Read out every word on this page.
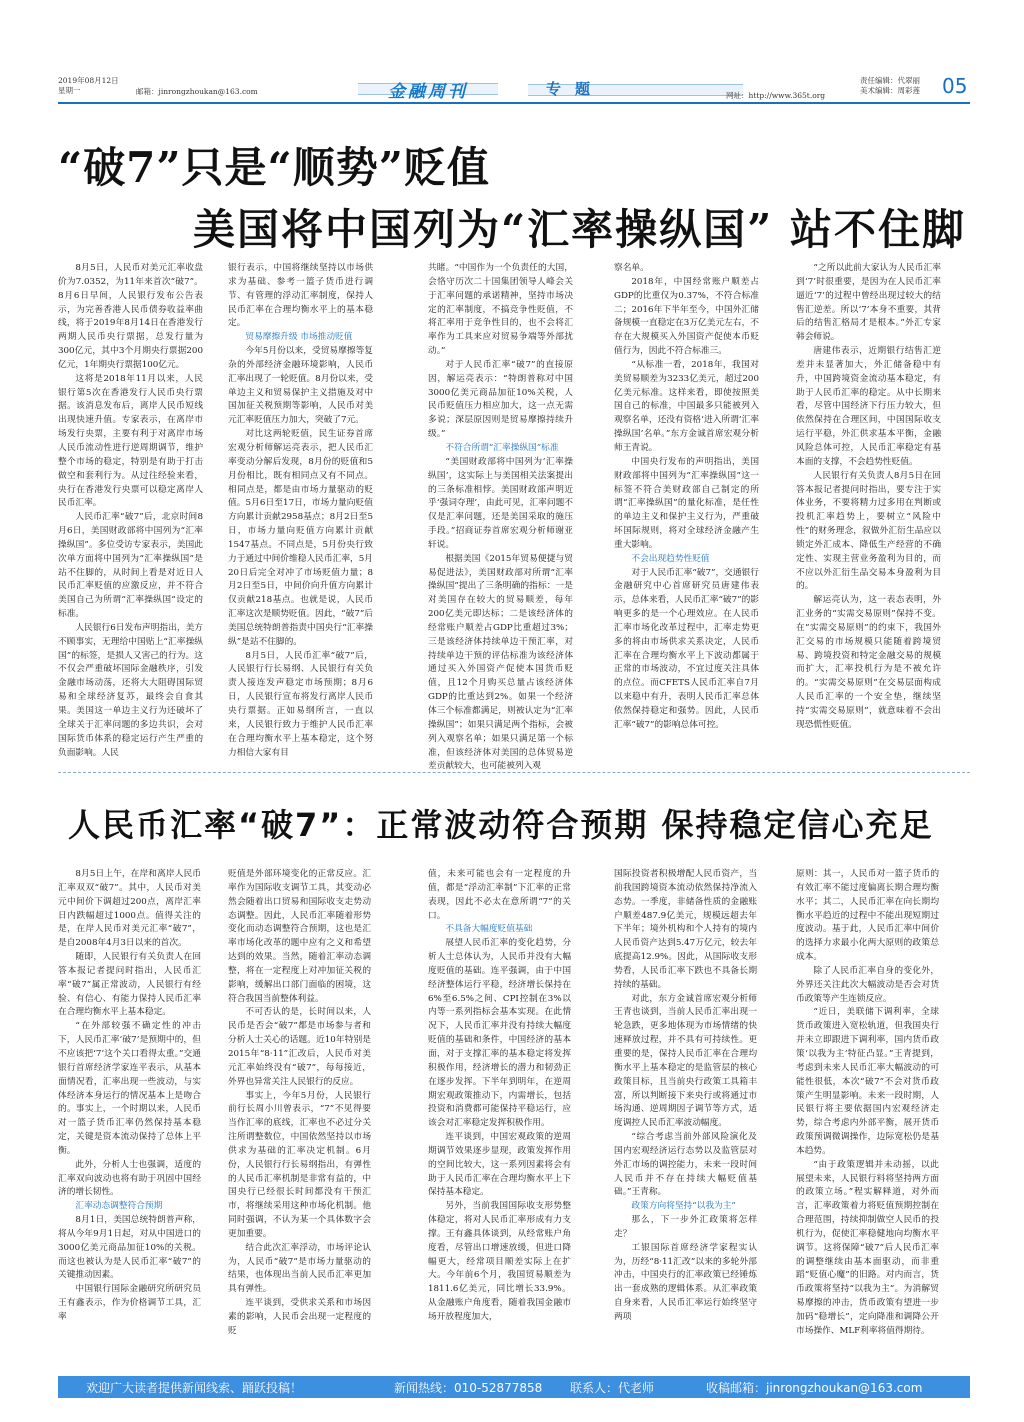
2019年08月12日
星期一	邮箱：jinrongzhoukan@163.com	金融周刊	专题	网址：http://www.365t.org
责任编辑：代翠丽
美术编辑：周彩莲 05
“破7”只是“顺势”贬值
美国将中国列为“汇率操纵国” 站不住脚

8月5日，人民币对美元汇率收盘价为7.0352，为11年来首次“破7”。8月6日早间，人民银行发布公告表示，为完善香港人民币债券收益率曲线，将于2019年8月14日在香港发行两期人民币央行票据，总发行量为300亿元，其中3个月期央行票据200亿元，1年期央行票据100亿元。

这将是2018年11月以来，人民银行第5次在香港发行人民币央行票据。该消息发布后，离岸人民币短线出现快速升值。专家表示，在离岸市场发行央票，主要有利于对离岸市场人民币流动性进行逆周期调节，维护整个市场的稳定，特别是有助于打击做空和套利行为。从过往经验来看，央行在香港发行央票可以稳定离岸人民币汇率。

人民币汇率“破7”后，北京时间8月6日，美国财政部将中国列为“汇率操纵国”。多位受访专家表示，美国此次单方面将中国列为“汇率操纵国”是站不住脚的，从时间上看是对近日人民币汇率贬值的应激反应，并不符合美国自己为所谓“汇率操纵国”设定的标准。

人民银行6日发布声明指出，美方不顾事实，无理给中国贴上“汇率操纵国”的标签，是损人又害己的行为。这不仅会严重破坏国际金融秩序，引发金融市场动荡，还将大大阻碍国际贸易和全球经济复苏，最终会自食其果。美国这一单边主义行为还破坏了全球关于汇率问题的多边共识，会对国际货币体系的稳定运行产生严重的负面影响。人民

银行表示，中国将继续坚持以市场供求为基础、参考一篮子货币进行调节、有管理的浮动汇率制度，保持人民币汇率在合理均衡水平上的基本稳定。

贸易摩擦升级 市场推动贬值

今年5月份以来，受贸易摩擦等复杂的外部经济金融环境影响，人民币汇率出现了一轮贬值。8月份以来，受单边主义和贸易保护主义措施及对中国加征关税预期等影响，人民币对美元汇率贬值压力加大，突破了7元。

对比这两轮贬值，民生证券首席宏观分析师解运亮表示，把人民币汇率变动分解后发现，8月份的贬值和5月份相比，既有相同点又有不同点。相同点是，都是由市场力量驱动的贬值。5月6日至17日，市场力量向贬值方向累计贡献2958基点；8月2日至5日，市场力量向贬值方向累计贡献1547基点。不同点是，5月份央行致力于通过中间价维稳人民币汇率，5月20日后完全对冲了市场贬值力量；8月2日至5日，中间价向升值方向累计仅贡献218基点。也就是说，人民币汇率这次是顺势贬值。因此，“破7”后美国总统特朗普指责中国央行“汇率操纵”是站不住脚的。

8月5日，人民币汇率“破7”后，人民银行行长易纲、人民银行有关负责人接连发声稳定市场预期；8月6日，人民银行宣布将发行离岸人民币央行票据。正如易纲所言，一直以来，人民银行致力于维护人民币汇率在合理均衡水平上基本稳定，这个努力相信大家有目

共睹。“中国作为一个负责任的大国，会恪守历次二十国集团领导人峰会关于汇率问题的承诺精神，坚持市场决定的汇率制度，不搞竞争性贬值，不将汇率用于竞争性目的，也不会将汇率作为工具来应对贸易争端等外部扰动。”

对于人民币汇率“破7”的直接原因，解运亮表示：“特朗普称对中国3000亿美元商品加征10%关税，人民币贬值压力相应加大，这一点无需多说；深层原因则是贸易摩擦持续升级。”

不符合所谓“汇率操纵国”标准

“美国财政部将中国列为‘汇率操纵国’，这实际上与美国相关法案提出的三条标准相悖。美国财政部声明近乎‘强词夺理’，由此可见，汇率问题不仅是汇率问题，还是美国采取的施压手段。”招商证券首席宏观分析师谢亚轩说。

根据美国《2015年贸易便捷与贸易促进法》，美国财政部对所谓“汇率操纵国”提出了三条明确的指标：一是对美国存在较大的贸易顺差，每年200亿美元即达标；二是该经济体的经常账户顺差占GDP比重超过3%；三是该经济体持续单边干预汇率，对持续单边干预的评估标准为该经济体通过买入外国资产促使本国货币贬值，且12个月购买总量占该经济体GDP的比重达到2%。如果一个经济体三个标准都满足，则被认定为“汇率操纵国”；如果只满足两个指标，会被列入观察名单；如果只满足第一个标准，但该经济体对美国的总体贸易逆差贡献较大，也可能被列入观

察名单。

2018年，中国经常账户顺差占GDP的比重仅为0.37%，不符合标准二；2016年下半年至今，中国外汇储备规模一直稳定在3万亿美元左右，不存在大规模买入外国资产促使本币贬值行为，因此不符合标准三。

“从标准一看，2018年，我国对美贸易顺差为3233亿美元，超过200亿美元标准。这样来看，即使按照美国自己的标准，中国最多只能被列入观察名单，还没有资格‘进入所谓‘汇率操纵国’名单。”东方金诚首席宏观分析师王青说。

中国央行发布的声明指出，美国财政部将中国列为“汇率操纵国”这一标签不符合美财政部自己制定的所谓“汇率操纵国”的量化标准，是任性的单边主义和保护主义行为，严重破坏国际规则，将对全球经济金融产生重大影响。

不会出现趋势性贬值

对于人民币汇率“破7”，交通银行金融研究中心首席研究员唐建伟表示，总体来看，人民币汇率“破7”的影响更多的是一个心理效应。在人民币汇率市场化改革过程中，汇率走势更多的将由市场供求关系决定，人民币汇率在合理均衡水平上下波动都属于正常的市场波动，不宜过度关注具体的点位。而CFETS人民币汇率自7月以来稳中有升，表明人民币汇率总体依然保持稳定和强势。因此，人民币汇率“破7”的影响总体可控。

“之所以此前大家认为人民币汇率到‘7’时很重要，是因为在人民币汇率逼近‘7’的过程中曾经出现过较大的结售汇逆差。所以‘7’本身不重要，其背后的结售汇格局才是根本。”外汇专家韩会师说。

唐建伟表示，近期银行结售汇逆差并未显著加大，外汇储备稳中有升，中国跨境资金流动基本稳定，有助于人民币汇率的稳定。从中长期来看，尽管中国经济下行压力较大，但依然保持在合理区间，中国国际收支运行平稳，外汇供求基本平衡，金融风险总体可控，人民币汇率稳定有基本面的支撑，不会趋势性贬值。

人民银行有关负责人8月5日在回答本报记者提问时指出，要专注于实体业务，不要将精力过多用在判断或投机汇率趋势上，要树立“风险中性”的财务理念，叙做外汇衍生品应以锁定外汇成本、降低生产经营的不确定性、实现主营业务盈利为目的，而不应以外汇衍生品交易本身盈利为目的。

解运亮认为，这一表态表明，外汇业务的“实需交易原则”保持不变。在“实需交易原则”的约束下，我国外汇交易的市场规模只能随着跨境贸易、跨境投资和特定金融交易的规模而扩大，汇率投机行为是不被允许的。“实需交易原则”在交易层面构成人民币汇率的一个安全垫，继续坚持“实需交易原则”，就意味着不会出现恐慌性贬值。

人民币汇率“破7”：正常波动符合预期 保持稳定信心充足

8月5日上午，在岸和离岸人民币汇率双双“破7”。其中，人民币对美元中间价下调超过200点，离岸汇率日内跌幅超过1000点。值得关注的是，在岸人民币对美元汇率“破7”，是自2008年4月3日以来的首次。

随即，人民银行有关负责人在回答本报记者提问时指出，人民币汇率“破7”属正常波动，人民银行有经验、有信心、有能力保持人民币汇率在合理均衡水平上基本稳定。

“在外部较强不确定性的冲击下，人民币汇率‘破7’是预期中的，但不应该把‘7’这个关口看得太重。”交通银行首席经济学家连平表示，从基本面情况看，汇率出现一些波动，与实体经济本身运行的情况基本上是吻合的。事实上，一个时期以来，人民币对一篮子货币汇率仍然保持基本稳定，关键是资本流动保持了总体上平衡。

此外，分析人士也强调，适度的汇率双向波动也将有助于巩固中国经济的增长韧性。

汇率动态调整符合预期

8月1日，美国总统特朗普声称，将从今年9月1日起，对从中国进口的3000亿美元商品加征10%的关税。而这也被认为是人民币汇率“破7”的关键推动因素。

中国银行国际金融研究所研究员王有鑫表示，作为价格调节工具，汇率

贬值是外部环境变化的正常反应。汇率作为国际收支调节工具，其变动必然会随着出口贸易和国际收支走势动态调整。因此，人民币汇率随着形势变化而动态调整符合预期，这也是汇率市场化改革的题中应有之义和希望达到的效果。当然，随着汇率动态调整，将在一定程度上对冲加征关税的影响，缓解出口部门面临的困境，这符合我国当前整体利益。

不可否认的是，长时间以来，人民币是否会“破7”都是市场参与者和分析人士关心的话题。近10年特别是2015年“8·11”汇改后，人民币对美元汇率始终没有“破7”，每每接近，外界也异常关注人民银行的反应。

事实上，今年5月份，人民银行前行长周小川曾表示，“7”不见得要当作汇率的底线，汇率也不必过分关注所谓整数位，中国依然坚持以市场供求为基础的汇率决定机制。6月份，人民银行行长易纲指出，有弹性的人民币汇率机制是非常有益的，中国央行已经很长时间都没有干预汇市，将继续采用这种市场化机制。他同时强调，不认为某一个具体数字会更加重要。

结合此次汇率浮动，市场评论认为，人民币“破7”是市场力量驱动的结果，也体现出当前人民币汇率更加具有弹性。

连平谈到，受供求关系和市场因素的影响，人民币会出现一定程度的贬

值，未来可能也会有一定程度的升值，都是“浮动汇率制”下汇率的正常表现，因此不必太在意所谓“7”的关口。

不具备大幅度贬值基础

展望人民币汇率的变化趋势，分析人士总体认为，人民币并没有大幅度贬值的基础。连平强调，由于中国经济整体运行平稳，经济增长保持在6%至6.5%之间、CPI控制在3%以内等一系列指标会基本实现。在此情况下，人民币汇率并没有持续大幅度贬值的基础和条件，中国经济的基本面，对于支撑汇率的基本稳定将发挥积极作用，经济增长的潜力和韧劲正在逐步发挥。下半年到明年，在逆周期宏观政策推动下，内需增长，包括投资和消费都可能保持平稳运行，应该会对汇率稳定发挥积极作用。

连平谈到，中国宏观政策的逆周期调节效果逐步显现，政策发挥作用的空间比较大，这一系列因素将会有助于人民币汇率在合理均衡水平上下保持基本稳定。

另外，当前我国国际收支形势整体稳定，将对人民币汇率形成有力支撑。王有鑫具体谈到，从经常账户角度看，尽管出口增速放缓，但进口降幅更大，经常项目顺差实际上在扩大。今年前6个月，我国贸易顺差为1811.6亿美元，同比增长33.9%。从金融账户角度看，随着我国金融市场开放程度加大，

国际投资者积极增配人民币资产，当前我国跨境资本流动依然保持净流入态势。一季度，非储备性质的金融账户顺差487.9亿美元，规模远超去年下半年；境外机构和个人持有的境内人民币资产达到5.47万亿元，较去年底提高12.9%。因此，从国际收支形势看，人民币汇率下跌也不具备长期持续的基础。

对此，东方金诚首席宏观分析师王青也谈到，当前人民币汇率出现一轮急跌，更多地体现为市场情绪的快速释放过程，并不具有可持续性。更重要的是，保持人民币汇率在合理均衡水平上基本稳定的是监管层的核心政策目标，且当前央行政策工具箱丰富，所以判断接下来央行或将通过市场沟通、逆周期因子调节等方式，适度调控人民币汇率波动幅度。

“综合考虑当前外部风险演化及国内宏观经济运行态势以及监管层对外汇市场的调控能力，未来一段时间人民币并不存在持续大幅贬值基础。”王青称。

政策方向将坚持“以我为主”

那么，下一步外汇政策将怎样走？

工银国际首席经济学家程实认为，历经“8·11汇改”以来的多轮外部冲击，中国央行的汇率政策已经锤炼出一套成熟的逻辑体系。从汇率政策自身来看，人民币汇率运行始终坚守两项

原则：其一，人民币对一篮子货币的有效汇率不能过度偏离长期合理均衡水平；其二，人民币汇率在向长期均衡水平趋近的过程中不能出现短期过度波动。基于此，人民币汇率中间价的选择力求最小化两大原则的政策总成本。

除了人民币汇率自身的变化外，外界还关注此次大幅波动是否会对货币政策等产生连锁反应。

“近日，美联储下调利率，全球货币政策进入宽松轨道，但我国央行并未立即跟进下调利率，国内货币政策‘以我为主’特征凸显。”王青提到，考虑到未来人民币汇率大幅波动的可能性很低，本次“破7”不会对货币政策产生明显影响。未来一段时期，人民银行将主要依据国内宏观经济走势，综合考虑内外部平衡，展开货币政策预调微调操作，边际宽松仍是基本趋势。

“由于政策逻辑并未动摇，以此展望未来，人民银行料将坚持两方面的政策立场。”程实解释道，对外而言，汇率政策着力将贬值预期控制在合理范围，持续抑制做空人民币的投机行为，促使汇率稳健地向均衡水平调节。这将保障“破7”后人民币汇率的调整继续由基本面驱动，而非重蹈“贬值心魔”的旧路。对内而言，货币政策将坚持“以我为主”。为消解贸易摩擦的冲击，货币政策有望进一步加码“稳增长”，定向降准和调降公开市场操作、MLF利率将值得期待。

欢迎广大读者提供新闻线索、踊跃投稿！	新闻热线：010-52877858 联系人：代老师	收稿邮箱：jinrongzhoukan@163.com
